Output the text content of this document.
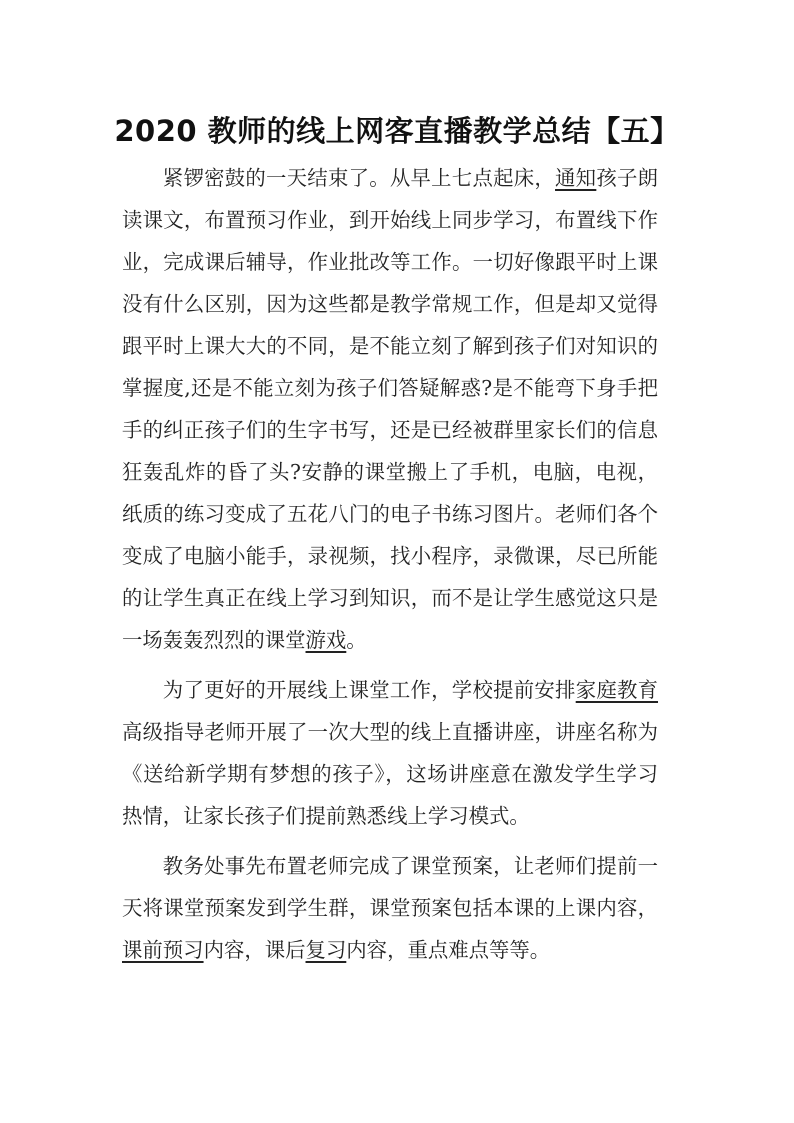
2020 教师的线上网客直播教学总结【五】

紧锣密鼓的一天结束了。从早上七点起床，通知孩子朗读课文，布置预习作业，到开始线上同步学习，布置线下作业，完成课后辅导，作业批改等工作。一切好像跟平时上课没有什么区别，因为这些都是教学常规工作，但是却又觉得跟平时上课大大的不同，是不能立刻了解到孩子们对知识的掌握度,还是不能立刻为孩子们答疑解惑?是不能弯下身手把手的纠正孩子们的生字书写，还是已经被群里家长们的信息狂轰乱炸的昏了头?安静的课堂搬上了手机，电脑，电视，纸质的练习变成了五花八门的电子书练习图片。老师们各个变成了电脑小能手，录视频，找小程序，录微课，尽已所能的让学生真正在线上学习到知识，而不是让学生感觉这只是一场轰轰烈烈的课堂游戏。

为了更好的开展线上课堂工作，学校提前安排家庭教育高级指导老师开展了一次大型的线上直播讲座，讲座名称为《送给新学期有梦想的孩子》，这场讲座意在激发学生学习热情，让家长孩子们提前熟悉线上学习模式。

教务处事先布置老师完成了课堂预案，让老师们提前一天将课堂预案发到学生群，课堂预案包括本课的上课内容，课前预习内容，课后复习内容，重点难点等等。
